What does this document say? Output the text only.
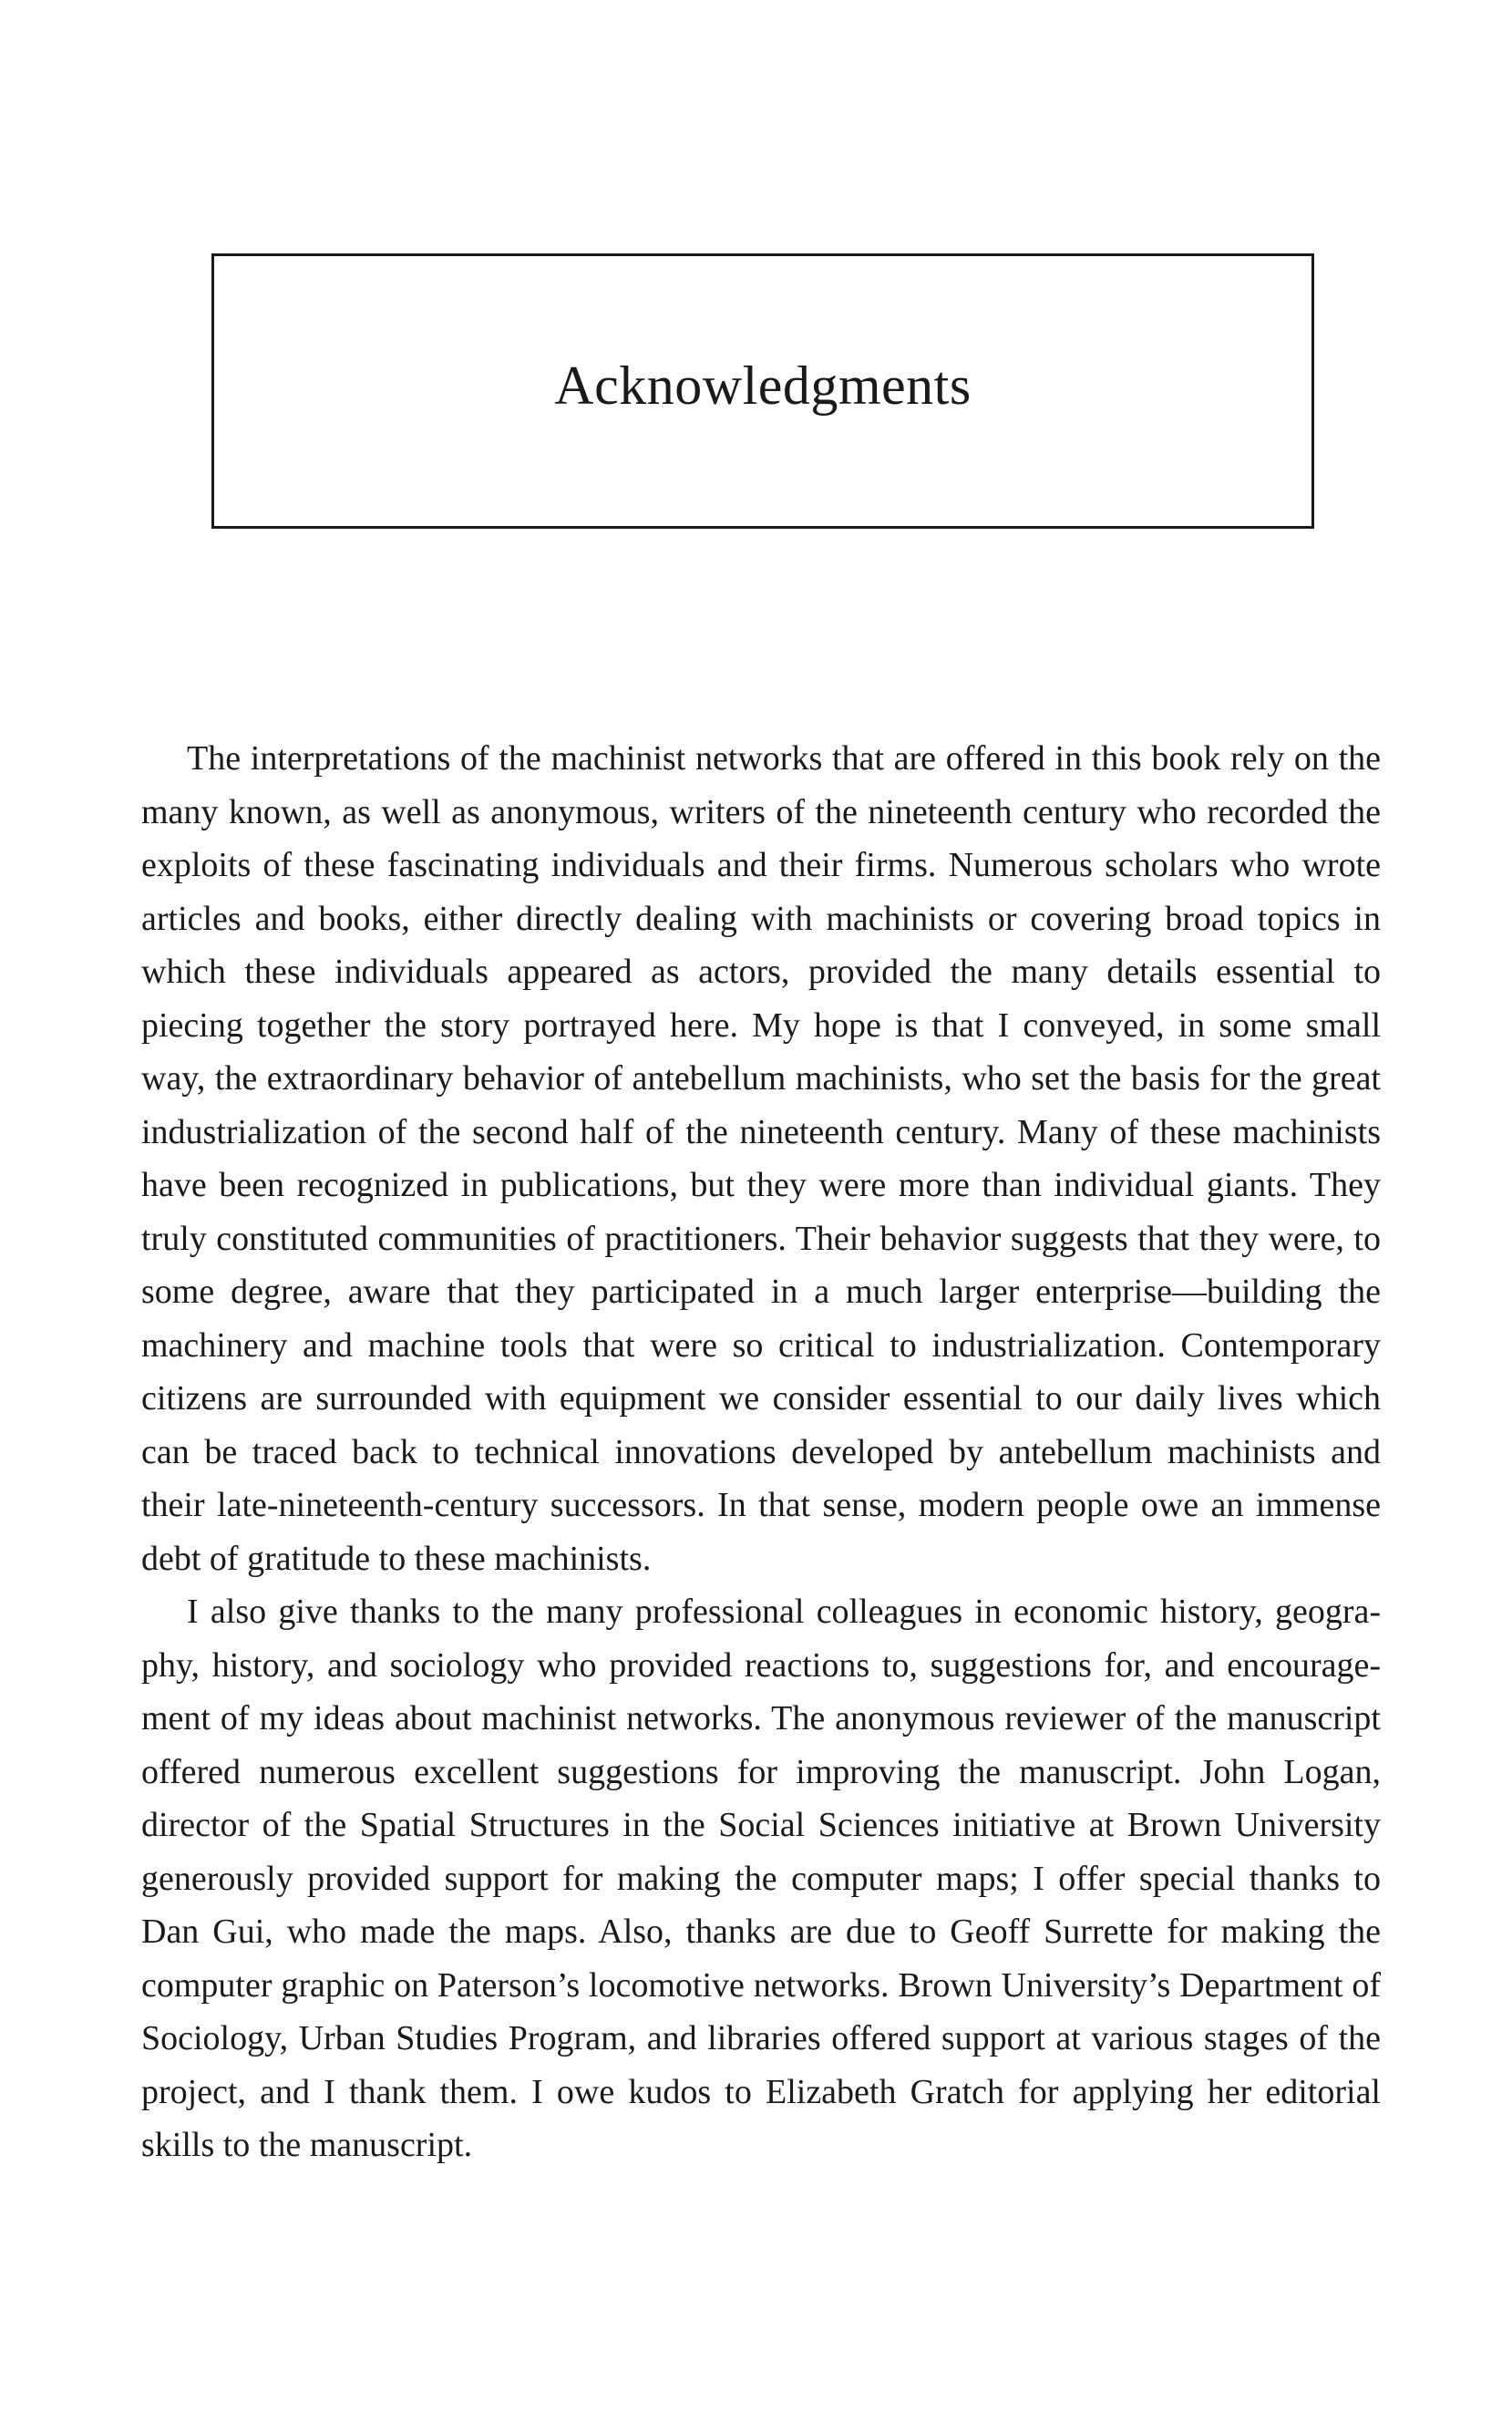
Acknowledgments

The interpretations of the machinist networks that are offered in this book rely on the many known, as well as anonymous, writers of the nineteenth century who recorded the exploits of these fascinating individuals and their firms. Numerous scholars who wrote articles and books, either directly dealing with machinists or covering broad topics in which these individuals appeared as actors, provided the many details essential to piecing together the story portrayed here. My hope is that I conveyed, in some small way, the extraordinary behavior of antebellum machinists, who set the basis for the great industrialization of the second half of the nineteenth century. Many of these machinists have been recognized in publications, but they were more than individual giants. They truly constituted communities of practitioners. Their behavior suggests that they were, to some degree, aware that they participated in a much larger enterprise—building the machinery and machine tools that were so critical to industrialization. Contemporary citizens are surrounded with equipment we consider essential to our daily lives which can be traced back to technical innovations developed by antebellum machinists and their late-nineteenth-century successors. In that sense, modern people owe an immense debt of gratitude to these machinists.

I also give thanks to the many professional colleagues in economic history, geography, history, and sociology who provided reactions to, suggestions for, and encouragement of my ideas about machinist networks. The anonymous reviewer of the manuscript offered numerous excellent suggestions for improving the manuscript. John Logan, director of the Spatial Structures in the Social Sciences initiative at Brown University generously provided support for making the computer maps; I offer special thanks to Dan Gui, who made the maps. Also, thanks are due to Geoff Surrette for making the computer graphic on Paterson’s locomotive networks. Brown University’s Department of Sociology, Urban Studies Program, and libraries offered support at various stages of the project, and I thank them. I owe kudos to Elizabeth Gratch for applying her editorial skills to the manuscript.
